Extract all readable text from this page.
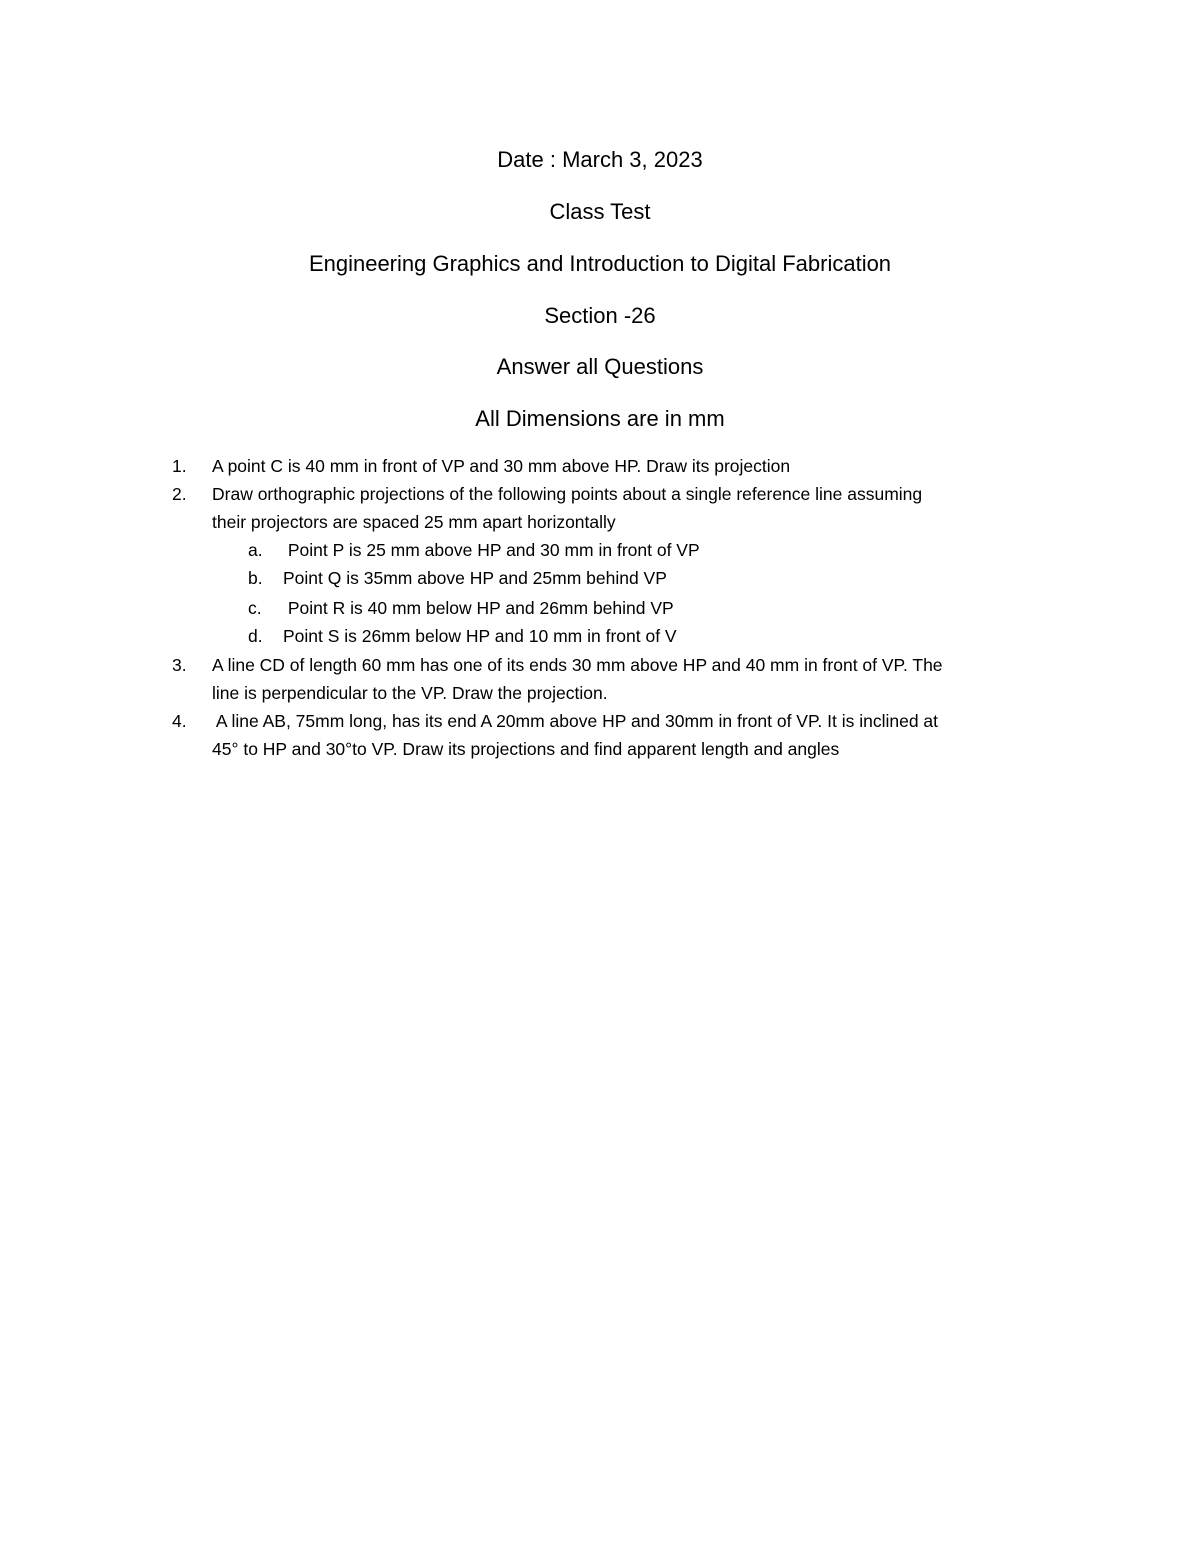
Date : March 3, 2023
Class Test
Engineering Graphics and Introduction to Digital Fabrication
Section -26
Answer all Questions
All Dimensions are in mm
1.	A point C is 40 mm in front of VP and 30 mm above HP. Draw its projection
2.	Draw orthographic projections of the following points about a single reference line assuming
their projectors are spaced 25 mm apart horizontally
a.	Point P is 25 mm above HP and 30 mm in front of VP
b.	Point Q is 35mm above HP and 25mm behind VP
c.	Point R is 40 mm below HP and 26mm behind VP
d.	Point S is 26mm below HP and 10 mm in front of V
3.	A line CD of length 60 mm has one of its ends 30 mm above HP and 40 mm in front of VP. The
line is perpendicular to the VP. Draw the projection.
4.	A line AB, 75mm long, has its end A 20mm above HP and 30mm in front of VP. It is inclined at
45° to HP and 30°to VP. Draw its projections and find apparent length and angles
